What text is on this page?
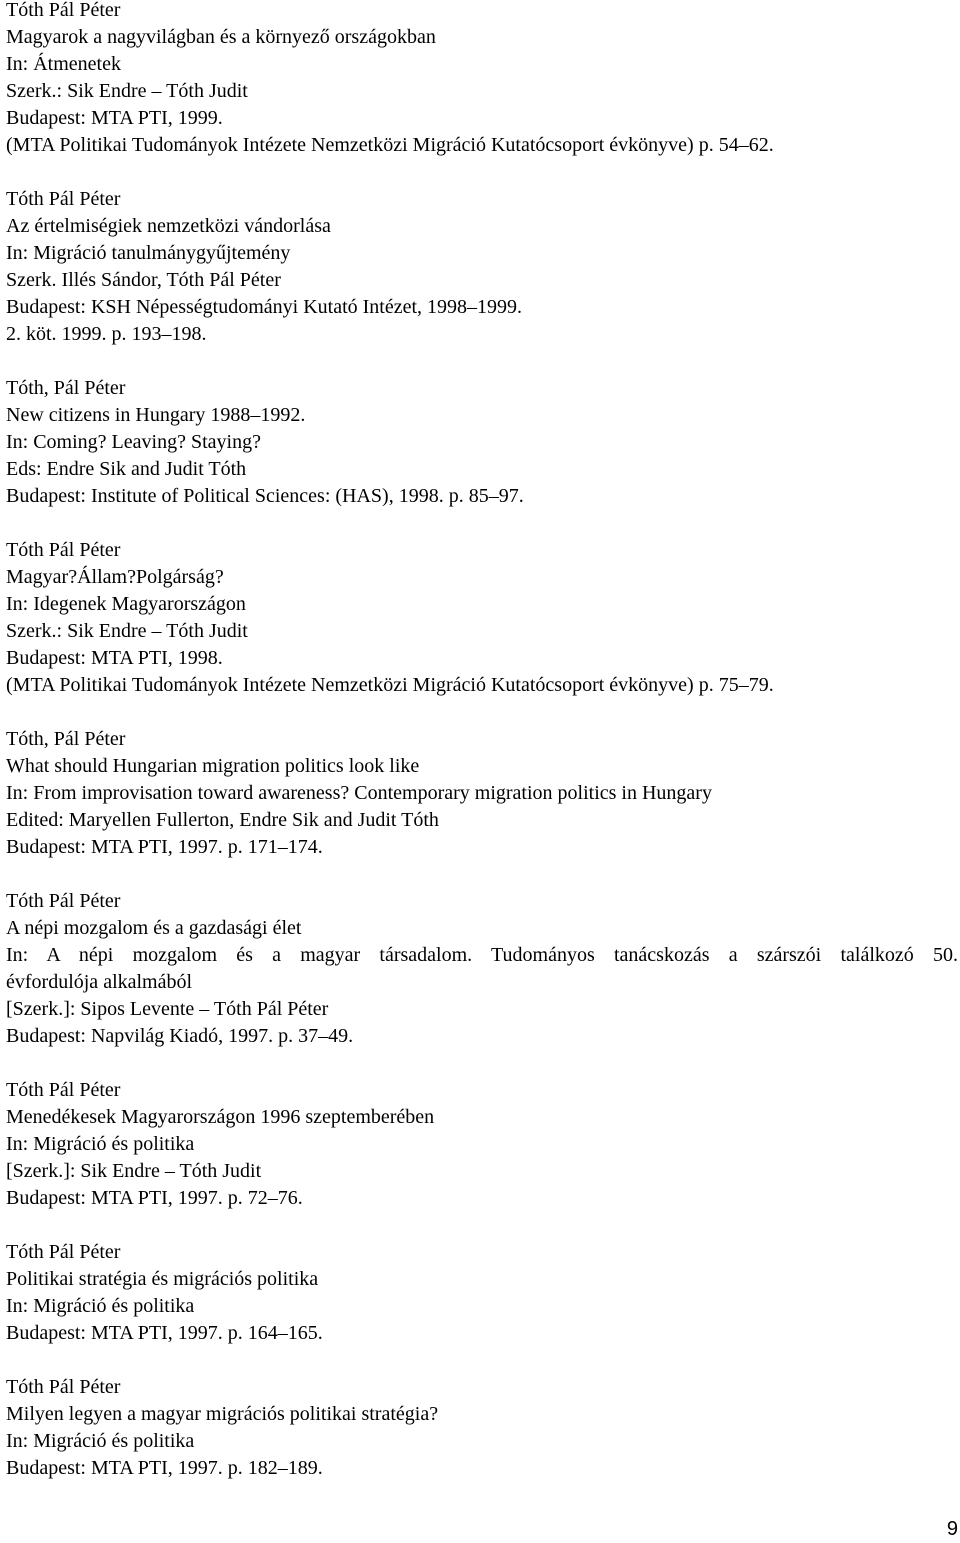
Tóth Pál Péter
Magyarok a nagyvilágban és a környező országokban
In: Átmenetek
Szerk.: Sik Endre – Tóth Judit
Budapest: MTA PTI, 1999.
(MTA Politikai Tudományok Intézete Nemzetközi Migráció Kutatócsoport évkönyve) p. 54–62.
Tóth Pál Péter
Az értelmiségiek nemzetközi vándorlása
In: Migráció tanulmánygyűjtemény
Szerk. Illés Sándor, Tóth Pál Péter
Budapest: KSH Népességtudományi Kutató Intézet, 1998–1999.
2. köt. 1999. p. 193–198.
Tóth, Pál Péter
New citizens in Hungary 1988–1992.
In: Coming? Leaving? Staying?
Eds: Endre Sik and Judit Tóth
Budapest: Institute of Political Sciences: (HAS), 1998. p. 85–97.
Tóth Pál Péter
Magyar?Állam?Polgárság?
In: Idegenek Magyarországon
Szerk.: Sik Endre – Tóth Judit
Budapest: MTA PTI, 1998.
(MTA Politikai Tudományok Intézete Nemzetközi Migráció Kutatócsoport évkönyve) p. 75–79.
Tóth, Pál Péter
What should Hungarian migration politics look like
In: From improvisation toward awareness? Contemporary migration politics in Hungary
Edited: Maryellen Fullerton, Endre Sik and Judit Tóth
Budapest: MTA PTI, 1997. p. 171–174.
Tóth Pál Péter
A népi mozgalom és a gazdasági élet
In: A népi mozgalom és a magyar társadalom. Tudományos tanácskozás a szárszói találkozó 50.
évfordulója alkalmából
[Szerk.]: Sipos Levente – Tóth Pál Péter
Budapest: Napvilág Kiadó, 1997. p. 37–49.
Tóth Pál Péter
Menedékesek Magyarországon 1996 szeptemberében
In: Migráció és politika
[Szerk.]: Sik Endre – Tóth Judit
Budapest: MTA PTI, 1997. p. 72–76.
Tóth Pál Péter
Politikai stratégia és migrációs politika
In: Migráció és politika
Budapest: MTA PTI, 1997. p. 164–165.
Tóth Pál Péter
Milyen legyen a magyar migrációs politikai stratégia?
In: Migráció és politika
Budapest: MTA PTI, 1997. p. 182–189.
9
